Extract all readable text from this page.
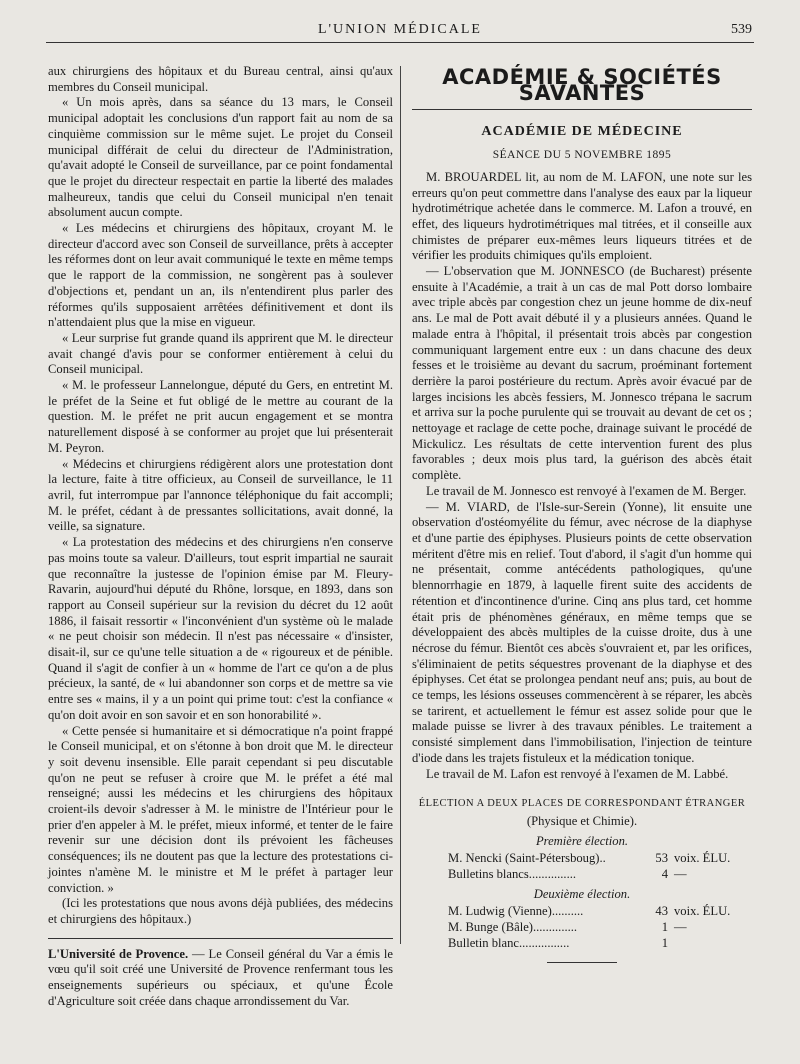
L'UNION MÉDICALE	539

aux chirurgiens des hôpitaux et du Bureau central, ainsi qu'aux membres du Conseil municipal.

« Un mois après, dans sa séance du 13 mars, le Conseil municipal adoptait les conclusions d'un rapport fait au nom de sa cinquième commission sur le même sujet. Le projet du Conseil municipal différait de celui du directeur de l'Administration, qu'avait adopté le Conseil de surveillance, par ce point fondamental que le projet du directeur respectait en partie la liberté des malades malheureux, tandis que celui du Conseil municipal n'en tenait absolument aucun compte.

« Les médecins et chirurgiens des hôpitaux, croyant M. le directeur d'accord avec son Conseil de surveillance, prêts à accepter les réformes dont on leur avait communiqué le texte en même temps que le rapport de la commission, ne songèrent pas à soulever d'objections et, pendant un an, ils n'entendirent plus parler des réformes qu'ils supposaient arrêtées définitivement et dont ils n'attendaient plus que la mise en vigueur.

« Leur surprise fut grande quand ils apprirent que M. le directeur avait changé d'avis pour se conformer entièrement à celui du Conseil municipal.

« M. le professeur Lannelongue, député du Gers, en entretint M. le préfet de la Seine et fut obligé de le mettre au courant de la question. M. le préfet ne prit aucun engagement et se montra naturellement disposé à se conformer au projet que lui présenterait M. Peyron.

« Médecins et chirurgiens rédigèrent alors une protestation dont la lecture, faite à titre officieux, au Conseil de surveillance, le 11 avril, fut interrompue par l'annonce téléphonique du fait accompli; M. le préfet, cédant à de pressantes sollicitations, avait donné, la veille, sa signature.

« La protestation des médecins et des chirurgiens n'en conserve pas moins toute sa valeur. D'ailleurs, tout esprit impartial ne saurait que reconnaître la justesse de l'opinion émise par M. Fleury-Ravarin, aujourd'hui député du Rhône, lorsque, en 1893, dans son rapport au Conseil supérieur sur la revision du décret du 12 août 1886, il faisait ressortir « l'inconvénient d'un système où le malade « ne peut choisir son médecin. Il n'est pas nécessaire « d'insister, disait-il, sur ce qu'une telle situation a de « rigoureux et de pénible. Quand il s'agit de confier à un « homme de l'art ce qu'on a de plus précieux, la santé, de « lui abandonner son corps et de mettre sa vie entre ses « mains, il y a un point qui prime tout: c'est la confiance « qu'on doit avoir en son savoir et en son honorabilité ».

« Cette pensée si humanitaire et si démocratique n'a point frappé le Conseil municipal, et on s'étonne à bon droit que M. le directeur y soit devenu insensible. Elle parait cependant si peu discutable qu'on ne peut se refuser à croire que M. le préfet a été mal renseigné; aussi les médecins et les chirurgiens des hôpitaux croient-ils devoir s'adresser à M. le ministre de l'Intérieur pour le prier d'en appeler à M. le préfet, mieux informé, et tenter de le faire revenir sur une décision dont ils prévoient les fâcheuses conséquences; ils ne doutent pas que la lecture des protestations ci-jointes n'amène M. le ministre et M le préfet à partager leur conviction. »

(Ici les protestations que nous avons déjà publiées, des médecins et chirurgiens des hôpitaux.)

L'Université de Provence. — Le Conseil général du Var a émis le vœu qu'il soit créé une Université de Provence renfermant tous les enseignements supérieurs ou spéciaux, et qu'une École d'Agriculture soit créée dans chaque arrondissement du Var.

ACADÉMIE & SOCIÉTÉS SAVANTES
ACADÉMIE DE MÉDECINE
SÉANCE DU 5 NOVEMBRE 1895

M. BROUARDEL lit, au nom de M. LAFON, une note sur les erreurs qu'on peut commettre dans l'analyse des eaux par la liqueur hydrotimétrique achetée dans le commerce. M. Lafon a trouvé, en effet, des liqueurs hydrotimétriques mal titrées, et il conseille aux chimistes de préparer eux-mêmes leurs liqueurs titrées et de vérifier les produits chimiques qu'ils emploient.

— L'observation que M. JONNESCO (de Bucharest) présente ensuite à l'Académie, a trait à un cas de mal Pott dorso lombaire avec triple abcès par congestion chez un jeune homme de dix-neuf ans. Le mal de Pott avait débuté il y a plusieurs années. Quand le malade entra à l'hôpital, il présentait trois abcès par congestion communiquant largement entre eux : un dans chacune des deux fesses et le troisième au devant du sacrum, proéminant fortement derrière la paroi postérieure du rectum. Après avoir évacué par de larges incisions les abcès fessiers, M. Jonnesco trépana le sacrum et arriva sur la poche purulente qui se trouvait au devant de cet os ; nettoyage et raclage de cette poche, drainage suivant le procédé de Mickulicz. Les résultats de cette intervention furent des plus favorables ; deux mois plus tard, la guérison des abcès était complète.

Le travail de M. Jonnesco est renvoyé à l'examen de M. Berger.

— M. VIARD, de l'Isle-sur-Serein (Yonne), lit ensuite une observation d'ostéomyélite du fémur, avec nécrose de la diaphyse et d'une partie des épiphyses. Plusieurs points de cette observation méritent d'être mis en relief. Tout d'abord, il s'agit d'un homme qui ne présentait, comme antécédents pathologiques, qu'une blennorrhagie en 1879, à laquelle firent suite des accidents de rétention et d'incontinence d'urine. Cinq ans plus tard, cet homme était pris de phénomènes généraux, en même temps que se développaient des abcès multiples de la cuisse droite, dus à une nécrose du fémur. Bientôt ces abcès s'ouvraient et, par les orifices, s'éliminaient de petits séquestres provenant de la diaphyse et des épiphyses. Cet état se prolongea pendant neuf ans; puis, au bout de ce temps, les lésions osseuses commencèrent à se réparer, les abcès se tarirent, et actuellement le fémur est assez solide pour que le malade puisse se livrer à des travaux pénibles. Le traitement a consisté simplement dans l'immobilisation, l'injection de teinture d'iode dans les trajets fistuleux et la médication tonique.

Le travail de M. Lafon est renvoyé à l'examen de M. Labbé.

ÉLECTION A DEUX PLACES DE CORRESPONDANT ÉTRANGER
(Physique et Chimie).
Première élection.
M. Nencki (Saint-Pétersboug)..	53 voix. ÉLU.
Bulletins blancs...............	4 —
Deuxième élection.
M. Ludwig (Vienne)..........	43 voix. ÉLU.
M. Bunge (Bâle)..............	1 —
Bulletin blanc................	1
